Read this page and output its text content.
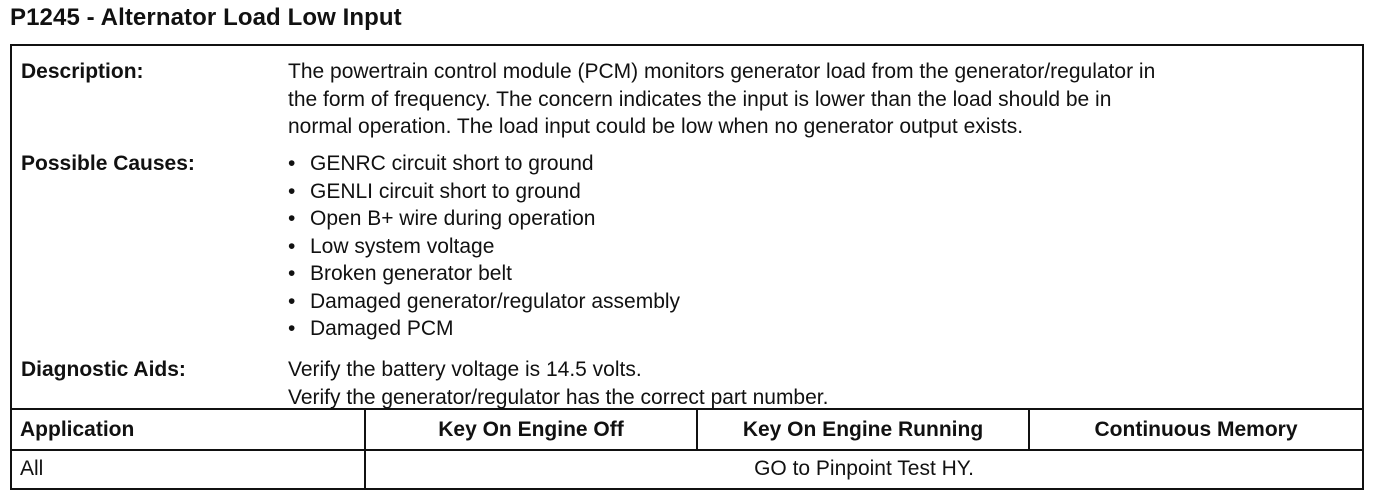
P1245 - Alternator Load Low Input
Description:	The powertrain control module (PCM) monitors generator load from the generator/regulator in
the form of frequency. The concern indicates the input is lower than the load should be in
normal operation. The load input could be low when no generator output exists.
Possible Causes:	• GENRC circuit short to ground
• GENLI circuit short to ground
• Open B+ wire during operation
• Low system voltage
• Broken generator belt
• Damaged generator/regulator assembly
• Damaged PCM
Diagnostic Aids:	Verify the battery voltage is 14.5 volts.
Verify the generator/regulator has the correct part number.
Application	Key On Engine Off	Key On Engine Running	Continuous Memory
All	GO to Pinpoint Test HY.
